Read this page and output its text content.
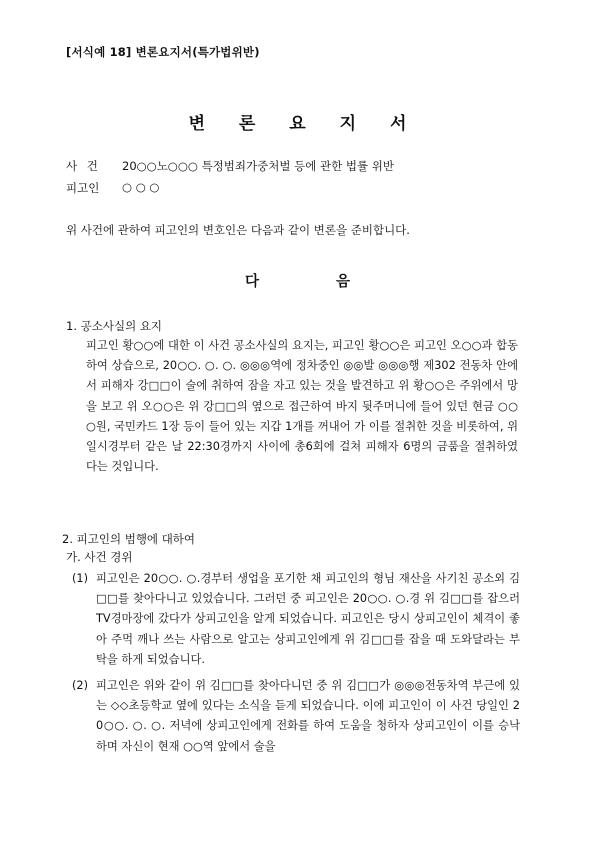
[서식예 18] 변론요지서(특가법위반)
변 론 요 지 서
사 건	20○○노○○○ 특정범죄가중처벌 등에 관한 법률 위반
피고인	○ ○ ○
위 사건에 관하여 피고인의 변호인은 다음과 같이 변론을 준비합니다.
다 음
1. 공소사실의 요지
피고인 황○○에 대한 이 사건 공소사실의 요지는, 피고인 황○○은 피고인 오○○과 합동하여 상습으로, 20○○. ○. ○. ◎◎◎역에 정차중인 ◎◎발 ◎◎◎행 제302 전동차 안에서 피해자 강□□이 술에 취하여 잠을 자고 있는 것을 발견하고 위 황○○은 주위에서 망을 보고 위 오○○은 위 강□□의 옆으로 접근하여 바지 뒷주머니에 들어 있던 현금 ○○○원, 국민카드 1장 등이 들어 있는 지갑 1개를 꺼내어 가 이를 절취한 것을 비롯하여, 위 일시경부터 같은 날 22:30경까지 사이에 총6회에 걸쳐 피해자 6명의 금품을 절취하였다는 것입니다.
2. 피고인의 범행에 대하여
가. 사건 경위
(1) 피고인은 20○○. ○.경부터 생업을 포기한 채 피고인의 형님 재산을 사기친 공소외 김□□를 찾아다니고 있었습니다. 그러던 중 피고인은 20○○. ○.경 위 김□□를 잡으러 TV경마장에 갔다가 상피고인을 알게 되었습니다. 피고인은 당시 상피고인이 체격이 좋아 주먹 깨나 쓰는 사람으로 알고는 상피고인에게 위 김□□를 잡을 때 도와달라는 부탁을 하게 되었습니다.
(2) 피고인은 위와 같이 위 김□□를 찾아다니던 중 위 김□□가 ◎◎◎전동차역 부근에 있는 ◇◇초등학교 옆에 있다는 소식을 듣게 되었습니다. 이에 피고인이 이 사건 당일인 20○○. ○. ○. 저녁에 상피고인에게 전화를 하여 도움을 청하자 상피고인이 이를 승낙하며 자신이 현재 ○○역 앞에서 술을
